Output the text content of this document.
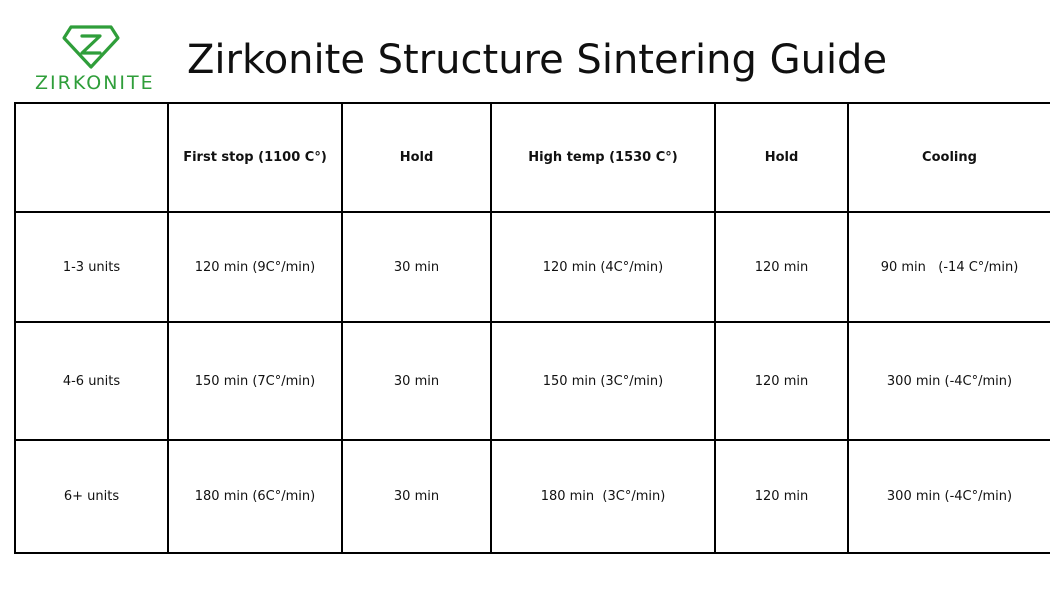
ZIRKONITE Zirkonite Structure Sintering Guide
	First stop (1100 C°)	Hold	High temp (1530 C°)	Hold	Cooling
1-3 units	120 min (9C°/min)	30 min	120 min (4C°/min)	120 min	90 min   (-14 C°/min)
4-6 units	150 min (7C°/min)	30 min	150 min (3C°/min)	120 min	300 min (-4C°/min)
6+ units	180 min (6C°/min)	30 min	180 min  (3C°/min)	120 min	300 min (-4C°/min)
